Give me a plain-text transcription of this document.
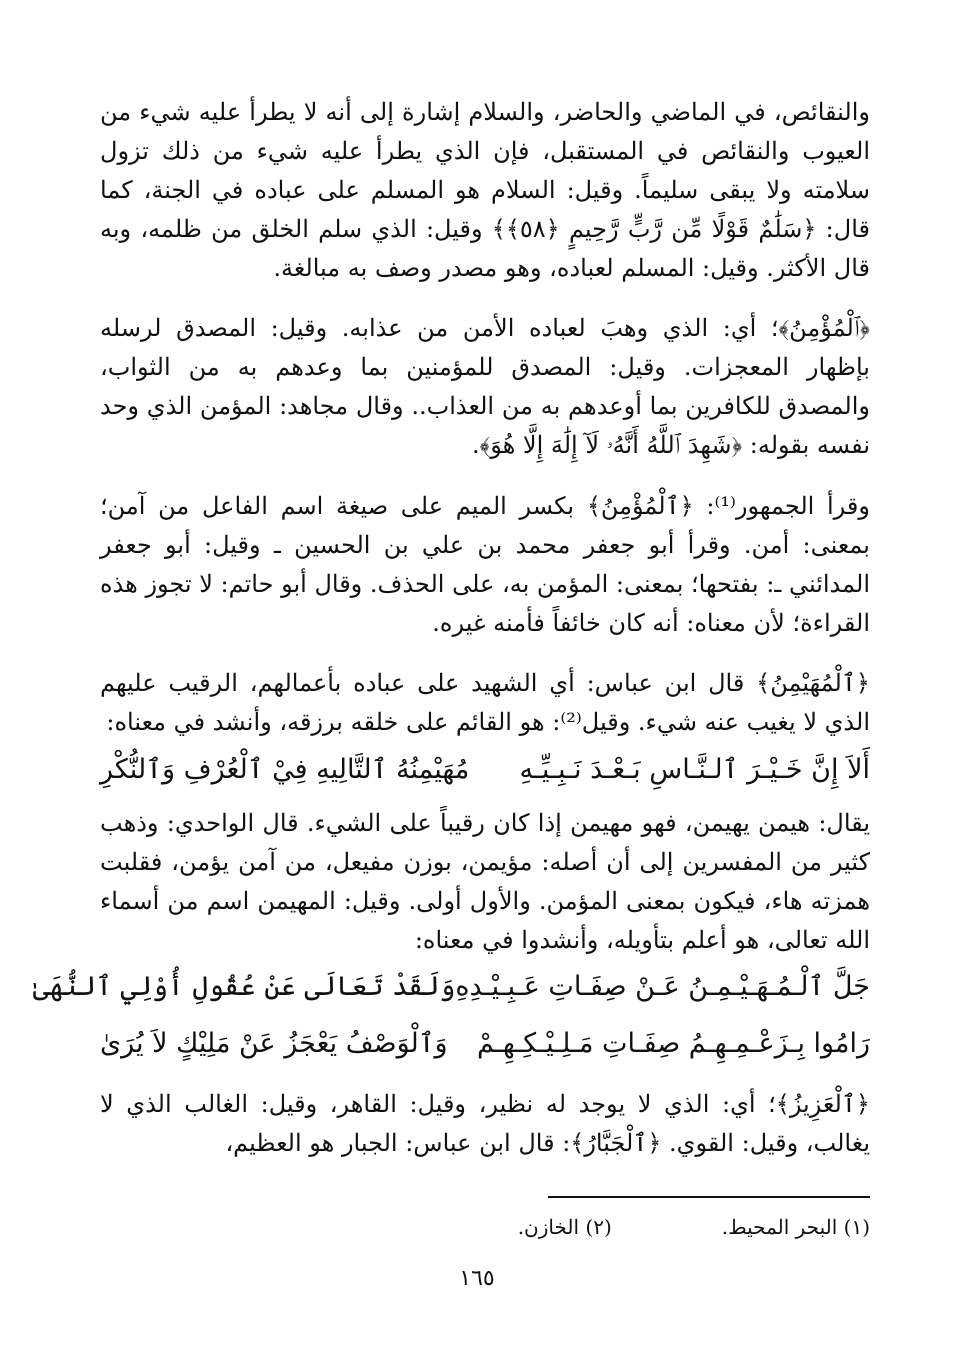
والنقائص، في الماضي والحاضر، والسلام إشارة إلى أنه لا يطرأ عليه شيء من العيوب والنقائص في المستقبل، فإن الذي يطرأ عليه شيء من ذلك تزول سلامته ولا يبقى سليماً. وقيل: السلام هو المسلم على عباده في الجنة، كما قال: ﴿سَلَٰمٌ قَوْلًا مِّن رَّبٍّ رَّحِيمٍ ﴿٥٨﴾﴾ وقيل: الذي سلم الخلق من ظلمه، وبه قال الأكثر. وقيل: المسلم لعباده، وهو مصدر وصف به مبالغة.

﴿ٱلْمُؤْمِنُ﴾؛ أي: الذي وهبَ لعباده الأمن من عذابه. وقيل: المصدق لرسله بإظهار المعجزات. وقيل: المصدق للمؤمنين بما وعدهم به من الثواب، والمصدق للكافرين بما أوعدهم به من العذاب.. وقال مجاهد: المؤمن الذي وحد نفسه بقوله: ﴿شَهِدَ ٱللَّهُ أَنَّهُۥ لَآ إِلَٰهَ إِلَّا هُوَ﴾.

وقرأ الجمهور⁽¹⁾: ﴿ٱلْمُؤْمِنُ﴾ بكسر الميم على صيغة اسم الفاعل من آمن؛ بمعنى: أمن. وقرأ أبو جعفر محمد بن علي بن الحسين ـ وقيل: أبو جعفر المدائني ـ: بفتحها؛ بمعنى: المؤمن به، على الحذف. وقال أبو حاتم: لا تجوز هذه القراءة؛ لأن معناه: أنه كان خائفاً فأمنه غيره.

﴿ٱلْمُهَيْمِنُ﴾ قال ابن عباس: أي الشهيد على عباده بأعمالهم، الرقيب عليهم الذي لا يغيب عنه شيء. وقيل⁽²⁾: هو القائم على خلقه برزقه، وأنشد في معناه:

أَلاَ إِنَّ خَـيْـرَ ٱلـنَّـاسِ بَـعْـدَ نَـبِـيِّـهِ
مُهَيْمِنُهُ ٱلتَّالِيهِ فِيْ ٱلْعُرْفِ وَٱلنُّكْرِ

يقال: هيمن يهيمن، فهو مهيمن إذا كان رقيباً على الشيء. قال الواحدي: وذهب كثير من المفسرين إلى أن أصله: مؤيمن، بوزن مفيعل، من آمن يؤمن، فقلبت همزته هاء، فيكون بمعنى المؤمن. والأول أولى. وقيل: المهيمن اسم من أسماء الله تعالى، هو أعلم بتأويله، وأنشدوا في معناه:

جَلَّ ٱلْـمُـهَـيْـمِـنُ عَـنْ صِفَـاتِ عَـبِـيْـدِهِ
وَلَقَدْ تَعَالَى عَنْ عُقُولِ أُوْلِي ٱلنُّهَىٰ
رَامُوا بِـزَعْـمِـهِـمُ صِفَـاتِ مَـلِـيْـكِـهِـمْ
وَٱلْوَصْفُ يَعْجَزُ عَنْ مَلِيْكٍ لاَ يُرَىٰ

﴿ٱلْعَزِيزُ﴾؛ أي: الذي لا يوجد له نظير، وقيل: القاهر، وقيل: الغالب الذي لا يغالب، وقيل: القوي. ﴿ٱلْجَبَّارُ﴾: قال ابن عباس: الجبار هو العظيم،

(١) البحر المحيط.
(٢) الخازن.
١٦٥
